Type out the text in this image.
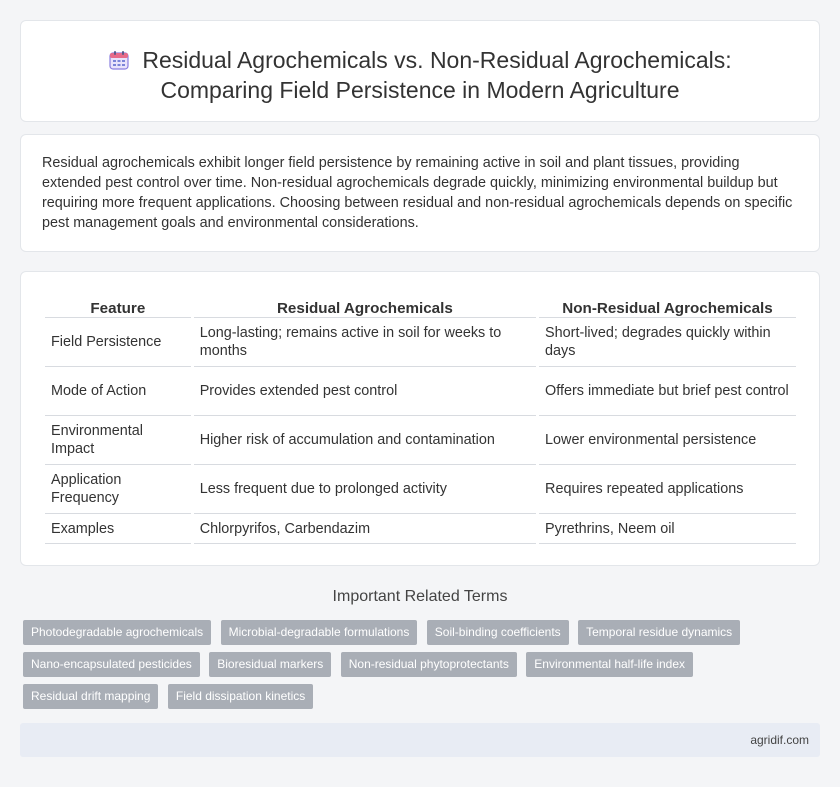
Residual Agrochemicals vs. Non-Residual Agrochemicals:
Comparing Field Persistence in Modern Agriculture

Residual agrochemicals exhibit longer field persistence by remaining active in soil and plant tissues, providing extended pest control over time. Non-residual agrochemicals degrade quickly, minimizing environmental buildup but requiring more frequent applications. Choosing between residual and non-residual agrochemicals depends on specific pest management goals and environmental considerations.

Feature	Residual Agrochemicals	Non-Residual Agrochemicals
Field Persistence	Long-lasting; remains active in soil for weeks to months	Short-lived; degrades quickly within days
Mode of Action	Provides extended pest control	Offers immediate but brief pest control
Environmental Impact	Higher risk of accumulation and contamination	Lower environmental persistence
Application Frequency	Less frequent due to prolonged activity	Requires repeated applications
Examples	Chlorpyrifos, Carbendazim	Pyrethrins, Neem oil
Important Related Terms
Photodegradable agrochemicals Microbial-degradable formulations Soil-binding coefficients Temporal residue dynamics
Nano-encapsulated pesticides Bioresidual markers Non-residual phytoprotectants Environmental half-life index
Residual drift mapping Field dissipation kinetics
agridif.com
